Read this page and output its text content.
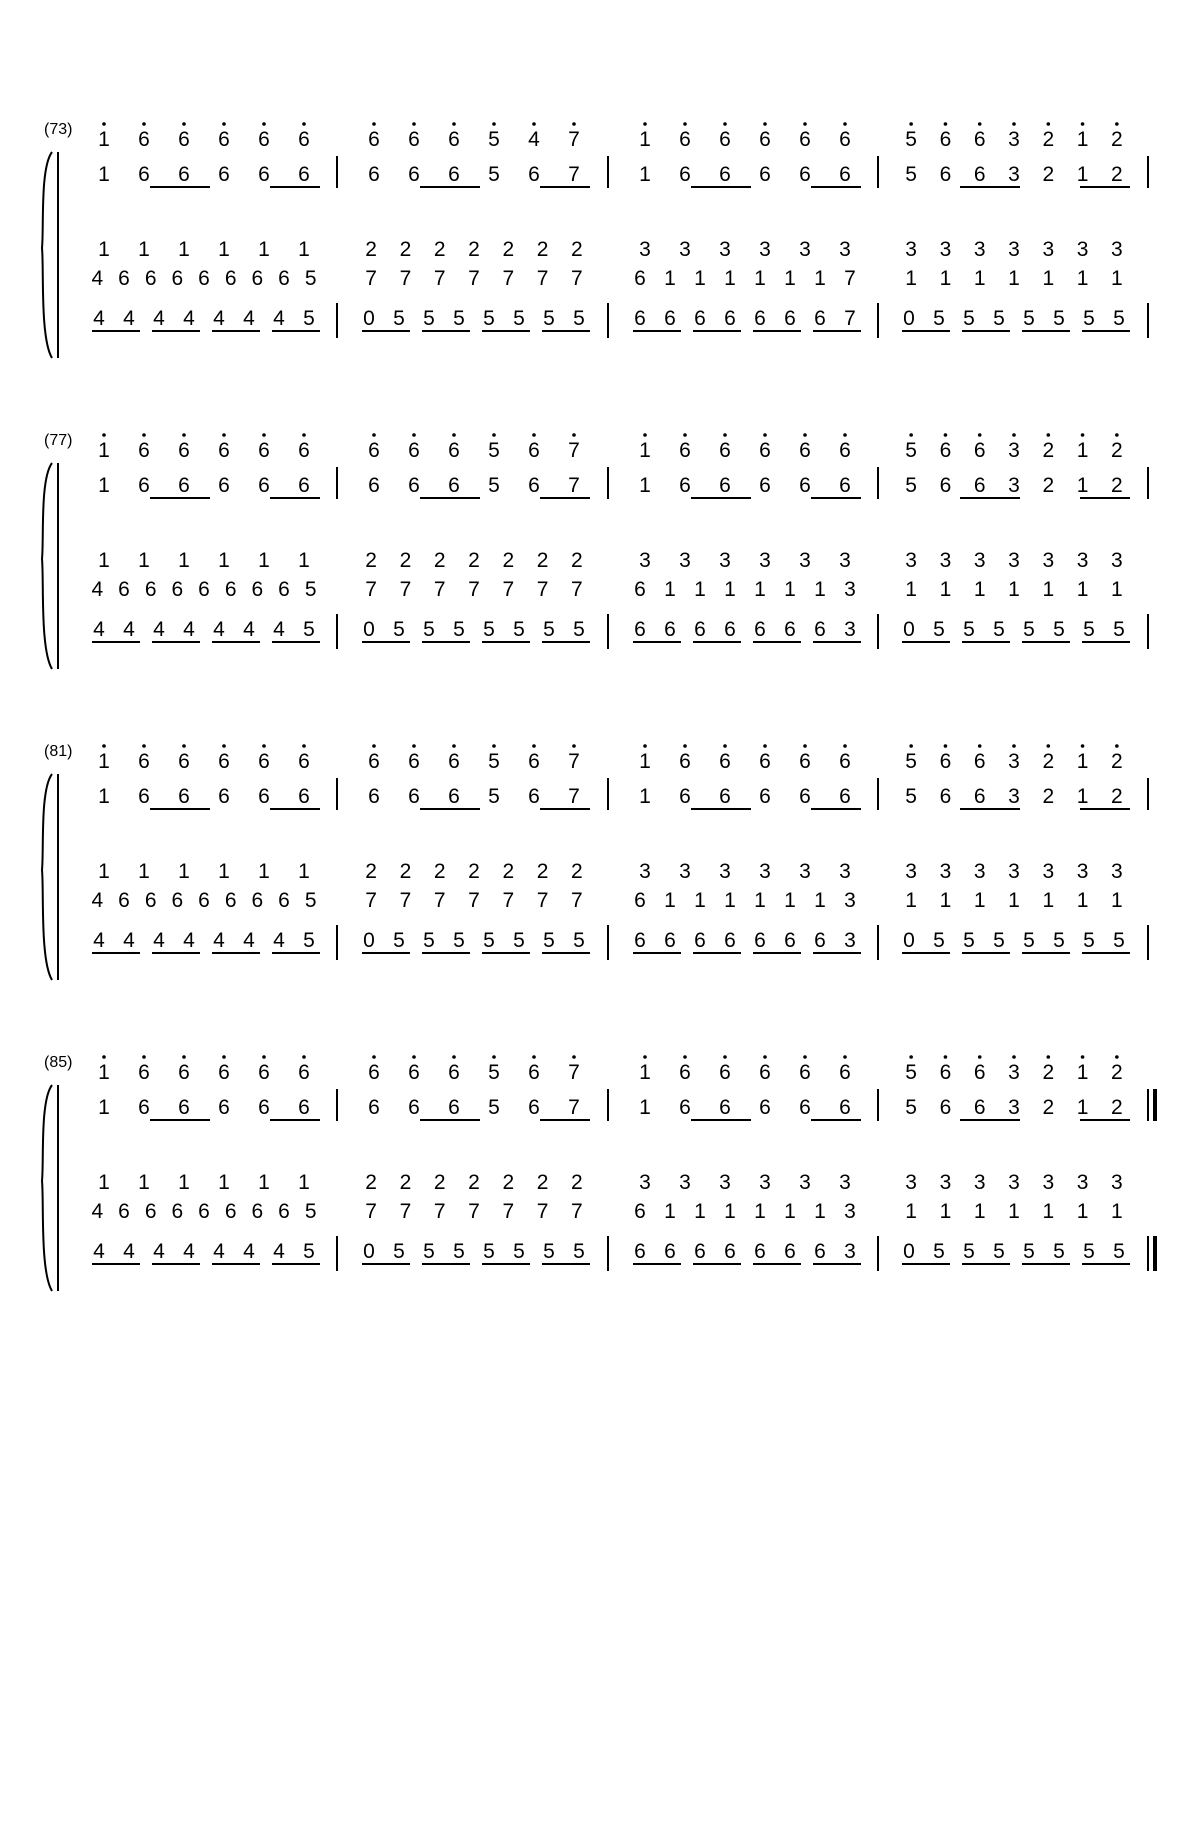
(73) 1 6 6 6 6 6	6 6 6 5 4 7	1 6 6 6 6 6	5 6 6 3 2 1 2
1 6 6 6 6 6	6 6 6 5 6 7	1 6 6 6 6 6	5 6 6 3 2 1 2
1 1 1 1 1 1	2 2 2 2 2 2 2	3 3 3 3 3 3	3 3 3 3 3 3 3
4 6 6 6 6 6 6 6 5 7 7 7 7 7 7 7 6 1 1 1 1 1 1 7 1 1 1 1 1 1 1
4 4 4 4 4 4 4 5 0 5 5 5 5 5 5 5 6 6 6 6 6 6 6 7 0 5 5 5 5 5 5 5
(77) 1 6 6 6 6 6	6 6 6 5 6 7	1 6 6 6 6 6	5 6 6 3 2 1 2
1 6 6 6 6 6	6 6 6 5 6 7	1 6 6 6 6 6	5 6 6 3 2 1 2
1 1 1 1 1 1	2 2 2 2 2 2 2	3 3 3 3 3 3	3 3 3 3 3 3 3
4 6 6 6 6 6 6 6 5 7 7 7 7 7 7 7 6 1 1 1 1 1 1 3 1 1 1 1 1 1 1
4 4 4 4 4 4 4 5 0 5 5 5 5 5 5 5 6 6 6 6 6 6 6 3 0 5 5 5 5 5 5 5
(81) 1 6 6 6 6 6	6 6 6 5 6 7	1 6 6 6 6 6	5 6 6 3 2 1 2
1 6 6 6 6 6	6 6 6 5 6 7	1 6 6 6 6 6	5 6 6 3 2 1 2
1 1 1 1 1 1	2 2 2 2 2 2 2	3 3 3 3 3 3	3 3 3 3 3 3 3
4 6 6 6 6 6 6 6 5 7 7 7 7 7 7 7 6 1 1 1 1 1 1 3 1 1 1 1 1 1 1
4 4 4 4 4 4 4 5 0 5 5 5 5 5 5 5 6 6 6 6 6 6 6 3 0 5 5 5 5 5 5 5
(85) 1 6 6 6 6 6	6 6 6 5 6 7	1 6 6 6 6 6	5 6 6 3 2 1 2
1 6 6 6 6 6	6 6 6 5 6 7	1 6 6 6 6 6	5 6 6 3 2 1 2
1 1 1 1 1 1	2 2 2 2 2 2 2	3 3 3 3 3 3	3 3 3 3 3 3 3
4 6 6 6 6 6 6 6 5 7 7 7 7 7 7 7 6 1 1 1 1 1 1 3 1 1 1 1 1 1 1
4 4 4 4 4 4 4 5 0 5 5 5 5 5 5 5 6 6 6 6 6 6 6 3 0 5 5 5 5 5 5 5
